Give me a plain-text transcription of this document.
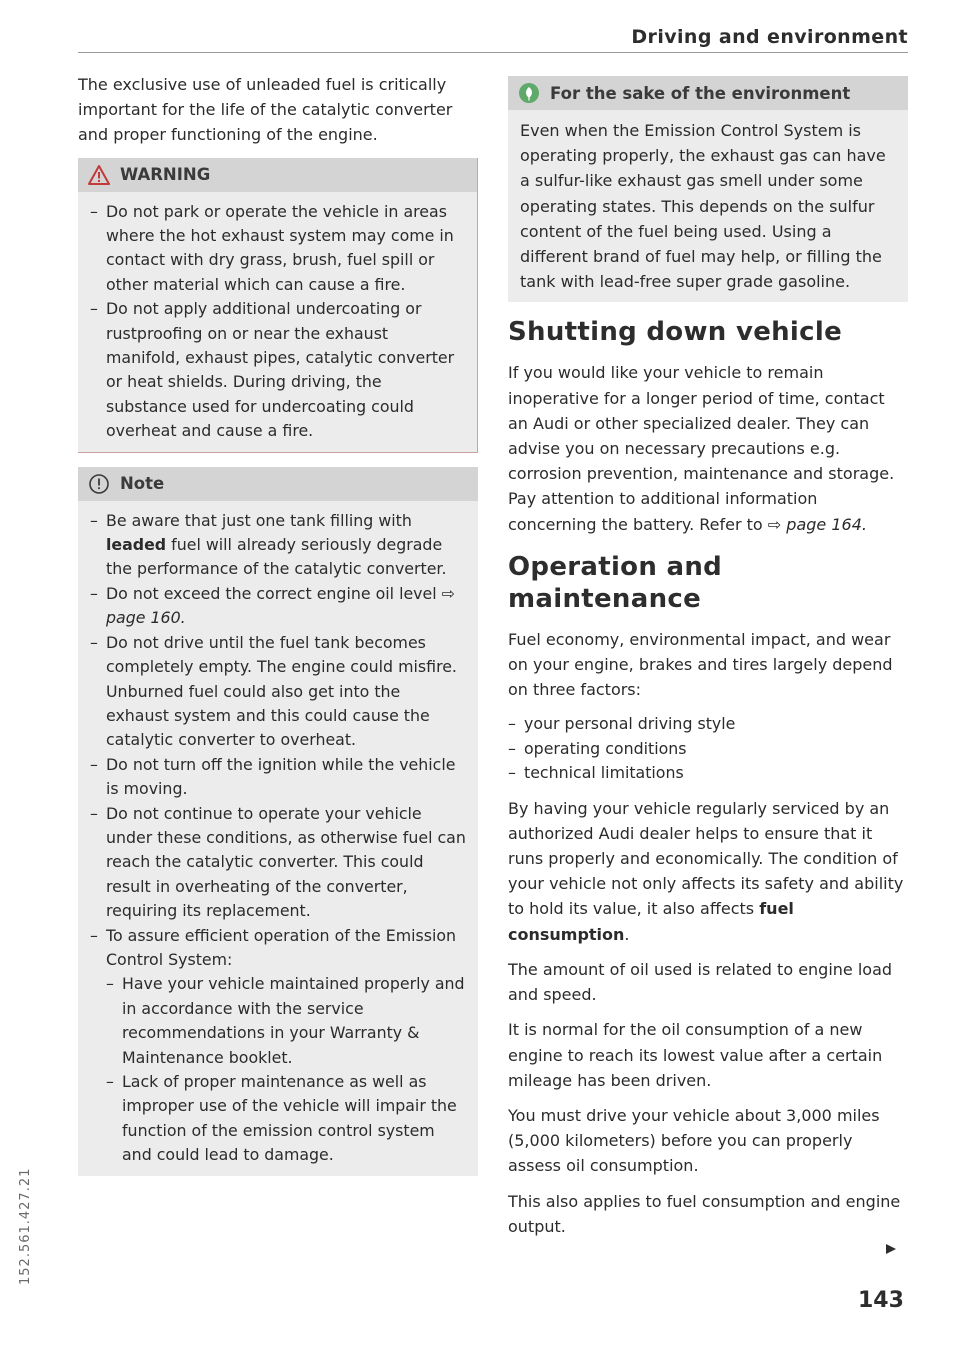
Driving and environment

The exclusive use of unleaded fuel is critically important for the life of the catalytic converter and proper functioning of the engine.

WARNING
– Do not park or operate the vehicle in areas where the hot exhaust system may come in contact with dry grass, brush, fuel spill or other material which can cause a fire.
– Do not apply additional undercoating or rustproofing on or near the exhaust manifold, exhaust pipes, catalytic converter or heat shields. During driving, the substance used for undercoating could overheat and cause a fire.
Note
– Be aware that just one tank filling with leaded fuel will already seriously degrade the performance of the catalytic converter.
– Do not exceed the correct engine oil level ⇨ page 160.
– Do not drive until the fuel tank becomes completely empty. The engine could misfire. Unburned fuel could also get into the exhaust system and this could cause the catalytic converter to overheat.
– Do not turn off the ignition while the vehicle is moving.
– Do not continue to operate your vehicle under these conditions, as otherwise fuel can reach the catalytic converter. This could result in overheating of the converter, requiring its replacement.
– To assure efficient operation of the Emission Control System:
– Have your vehicle maintained properly and in accordance with the service recommendations in your Warranty & Maintenance booklet.
– Lack of proper maintenance as well as improper use of the vehicle will impair the function of the emission control system and could lead to damage.
For the sake of the environment

Even when the Emission Control System is operating properly, the exhaust gas can have a sulfur-like exhaust gas smell under some operating states. This depends on the sulfur content of the fuel being used. Using a different brand of fuel may help, or filling the tank with lead-free super grade gasoline.

Shutting down vehicle

If you would like your vehicle to remain inoperative for a longer period of time, contact an Audi or other specialized dealer. They can advise you on necessary precautions e.g. corrosion prevention, maintenance and storage. Pay attention to additional information concerning the battery. Refer to ⇨ page 164.

Operation and maintenance

Fuel economy, environmental impact, and wear on your engine, brakes and tires largely depend on three factors:

– your personal driving style
– operating conditions
– technical limitations

By having your vehicle regularly serviced by an authorized Audi dealer helps to ensure that it runs properly and economically. The condition of your vehicle not only affects its safety and ability to hold its value, it also affects fuel consumption.

The amount of oil used is related to engine load and speed.

It is normal for the oil consumption of a new engine to reach its lowest value after a certain mileage has been driven.

You must drive your vehicle about 3,000 miles (5,000 kilometers) before you can properly assess oil consumption.

This also applies to fuel consumption and engine output.

143
152.561.427.21
